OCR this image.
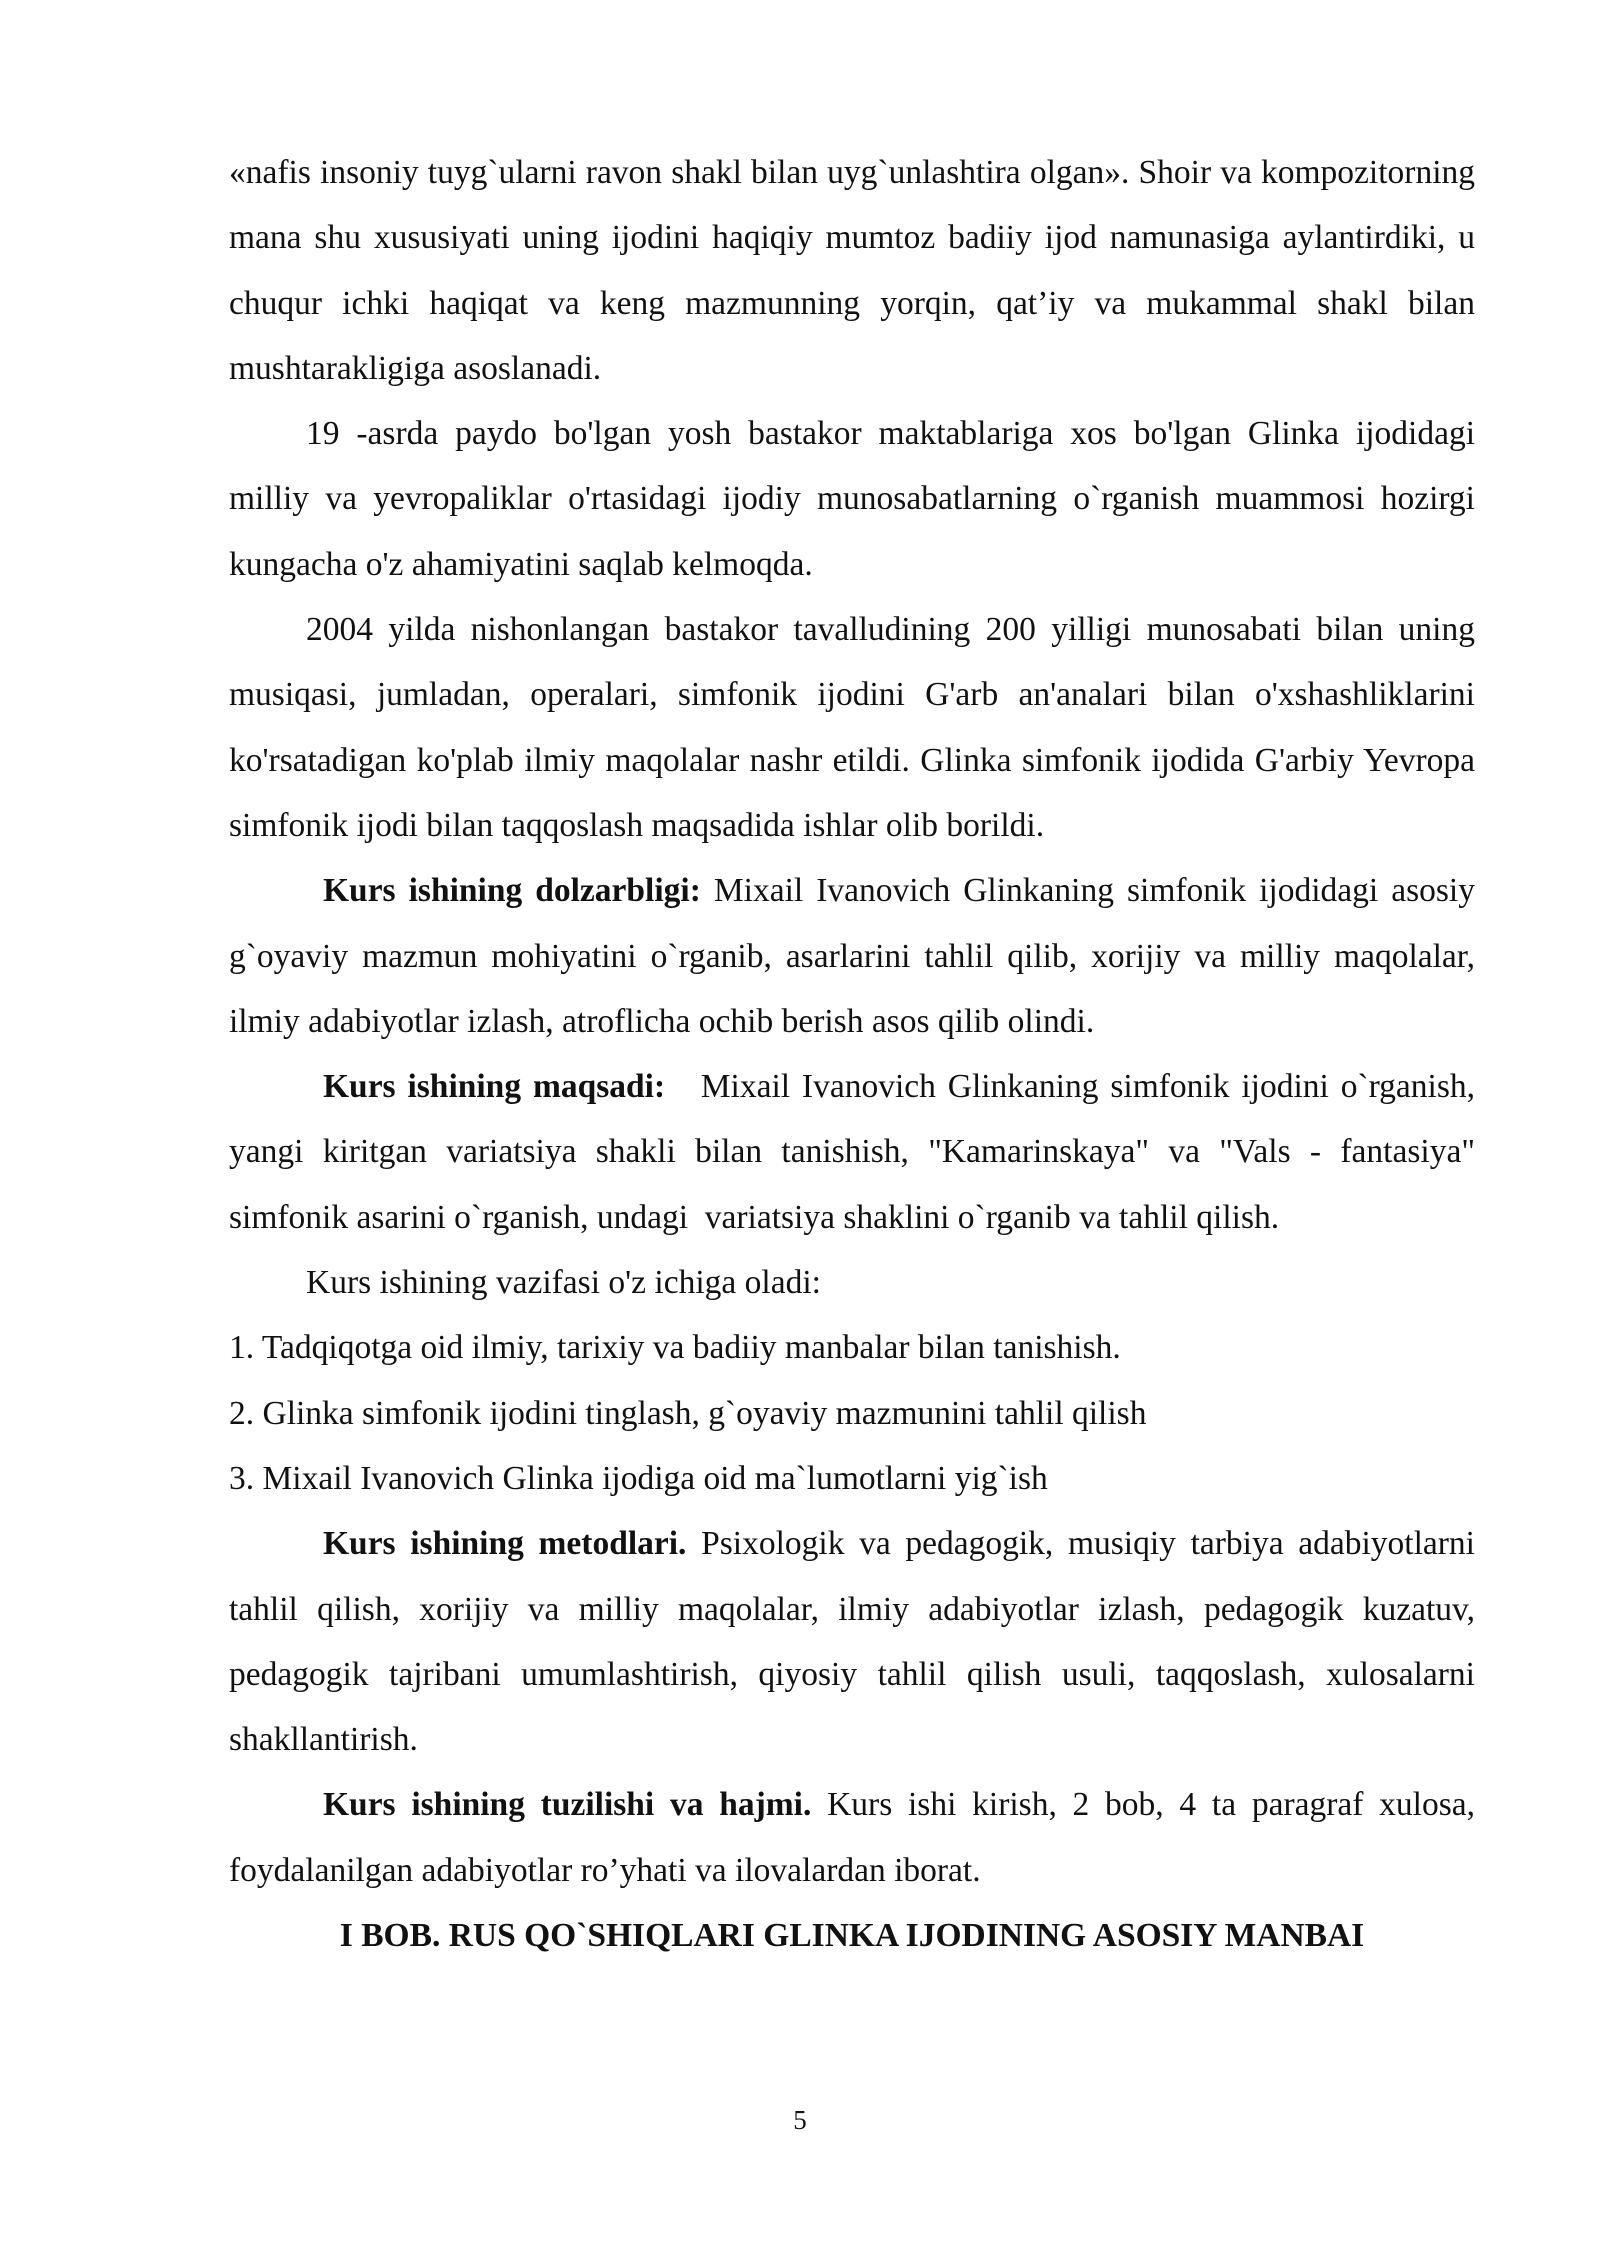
«nafis insoniy tuyg`ularni ravon shakl bilan uyg`unlashtira olgan». Shoir va kompozitorning mana shu xususiyati uning ijodini haqiqiy mumtoz badiiy ijod namunasiga aylantirdiki, u chuqur ichki haqiqat va keng mazmunning yorqin, qat’iy va mukammal shakl bilan mushtarakligiga asoslanadi.

19 -asrda paydo bo'lgan yosh bastakor maktablariga xos bo'lgan Glinka ijodidagi milliy va yevropaliklar o'rtasidagi ijodiy munosabatlarning o`rganish muammosi hozirgi kungacha o'z ahamiyatini saqlab kelmoqda.

2004 yilda nishonlangan bastakor tavalludining 200 yilligi munosabati bilan uning musiqasi, jumladan, operalari, simfonik ijodini G'arb an'analari bilan o'xshashliklarini ko'rsatadigan ko'plab ilmiy maqolalar nashr etildi. Glinka simfonik ijodida G'arbiy Yevropa simfonik ijodi bilan taqqoslash maqsadida ishlar olib borildi.

Kurs ishining dolzarbligi: Mixail Ivanovich Glinkaning simfonik ijodidagi asosiy g`oyaviy mazmun mohiyatini o`rganib, asarlarini tahlil qilib, xorijiy va milliy maqolalar, ilmiy adabiyotlar izlash, atroflicha ochib berish asos qilib olindi.

Kurs ishining maqsadi:   Mixail Ivanovich Glinkaning simfonik ijodini o`rganish, yangi kiritgan variatsiya shakli bilan tanishish, "Kamarinskaya" va "Vals - fantasiya" simfonik asarini o`rganish, undagi  variatsiya shaklini o`rganib va tahlil qilish.

Kurs ishining vazifasi o'z ichiga oladi:

1. Tadqiqotga oid ilmiy, tarixiy va badiiy manbalar bilan tanishish.

2. Glinka simfonik ijodini tinglash, g`oyaviy mazmunini tahlil qilish

3. Mixail Ivanovich Glinka ijodiga oid ma`lumotlarni yig`ish

Kurs ishining metodlari. Psixologik va pedagogik, musiqiy tarbiya adabiyotlarni tahlil qilish, xorijiy va milliy maqolalar, ilmiy adabiyotlar izlash, pedagogik kuzatuv, pedagogik tajribani umumlashtirish, qiyosiy tahlil qilish usuli, taqqoslash, xulosalarni shakllantirish.

Kurs ishining tuzilishi va hajmi. Kurs ishi kirish, 2 bob, 4 ta paragraf xulosa, foydalanilgan adabiyotlar ro’yhati va ilovalardan iborat.

I BOB. RUS QO`SHIQLARI GLINKA IJODINING ASOSIY MANBAI

5
